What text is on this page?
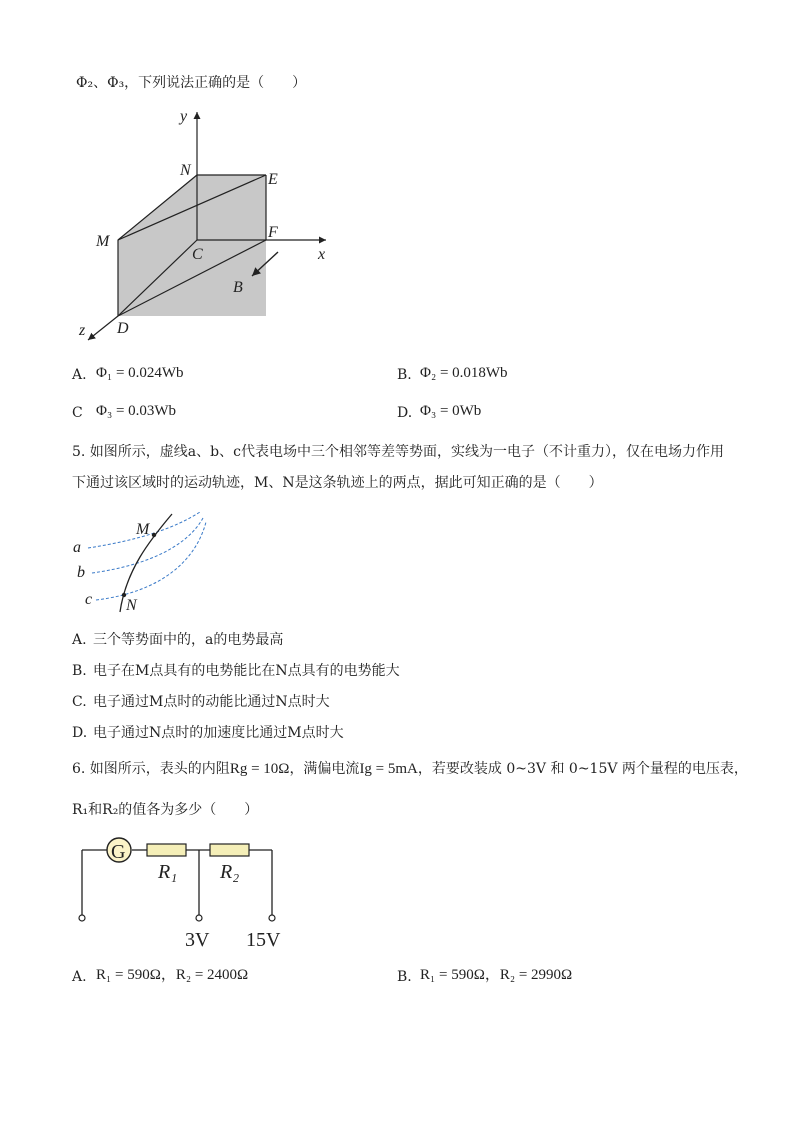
Φ₂、Φ₃，下列说法正确的是（　　）
y
x
z
N
E
M
F
C
D
B
A. Φ₁ = 0.024Wb	B. Φ₂ = 0.018Wb
C Φ₃ = 0.03Wb	D. Φ₃ = 0Wb
5. 如图所示，虚线a、b、c代表电场中三个相邻等差等势面，实线为一电子（不计重力），仅在电场力作用
下通过该区域时的运动轨迹，M、N是这条轨迹上的两点，据此可知正确的是（　　）
a
b
c
M
N
A. 三个等势面中的，a的电势最高
B. 电子在M点具有的电势能比在N点具有的电势能大
C. 电子通过M点时的动能比通过N点时大
D. 电子通过N点时的加速度比通过M点时大
6. 如图所示，表头的内阻Rg = 10Ω，满偏电流Ig = 5mA，若要改装成 0~3V 和 0~15V 两个量程的电压表，
R₁和R₂的值各为多少（　　）
G
R₁ R₂
3V 15V
A. R₁ = 590Ω，R₂ = 2400Ω	B. R₁ = 590Ω，R₂ = 2990Ω
